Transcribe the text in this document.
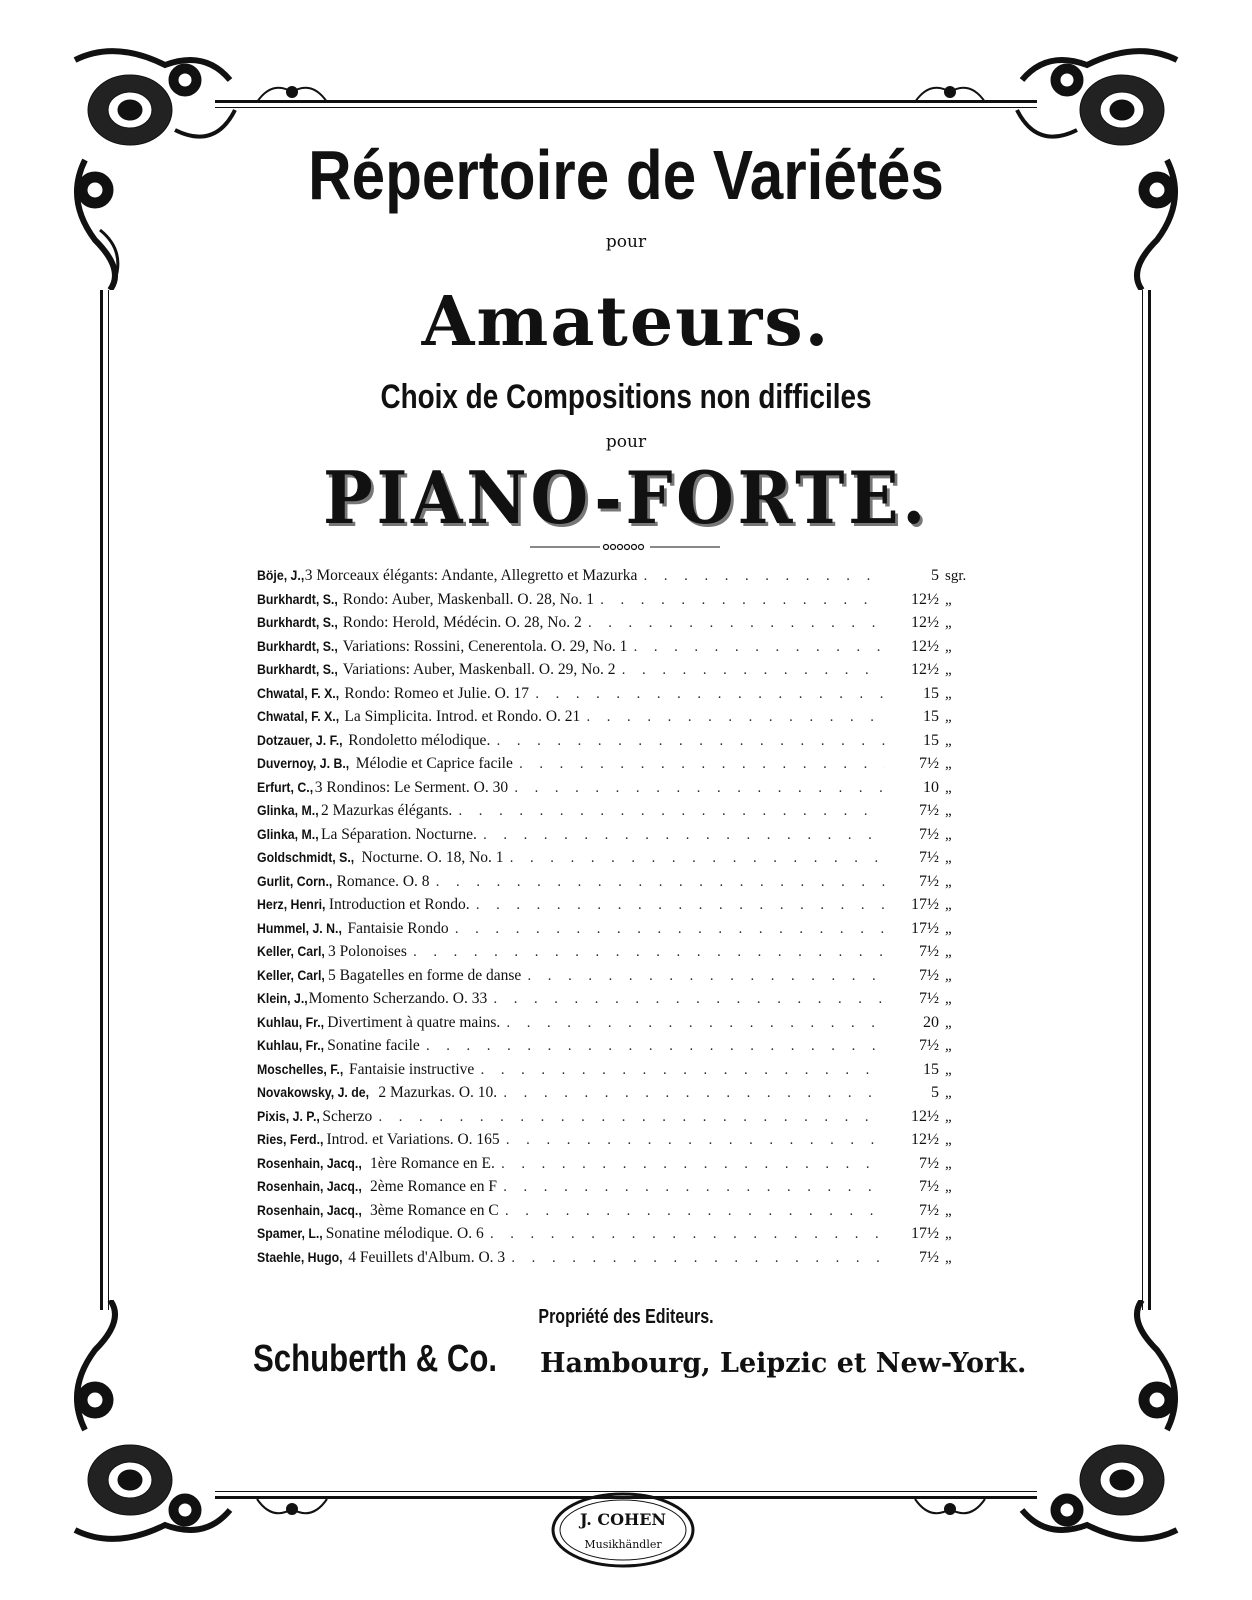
Répertoire de Variétés
pour
Amateurs.
Choix de Compositions non difficiles
pour
PIANO-FORTE.
Böje, J., 3 Morceaux élégants: Andante, Allegretto et Mazurka . . .	5 sgr.
Burkhardt, S., Rondo: Auber, Maskenball. O. 28, No. 1 . . .	12½ „
Burkhardt, S., Rondo: Herold, Médécin. O. 28, No. 2 . . .	12½ „
Burkhardt, S., Variations: Rossini, Cenerentola. O. 29, No. 1 . . .	12½ „
Burkhardt, S., Variations: Auber, Maskenball. O. 29, No. 2 . . .	12½ „
Chwatal, F. X., Rondo: Romeo et Julie. O. 17 . . .	15 „
Chwatal, F. X., La Simplicita. Introd. et Rondo. O. 21 . . .	15 „
Dotzauer, J. F., Rondoletto mélodique. . . .	15 „
Duvernoy, J. B., Mélodie et Caprice facile . . .	7½ „
Erfurt, C., 3 Rondinos: Le Serment. O. 30 . . .	10 „
Glinka, M., 2 Mazurkas élégants. . . .	7½ „
Glinka, M., La Séparation. Nocturne. . . .	7½ „
Goldschmidt, S., Nocturne. O. 18, No. 1 . . .	7½ „
Gurlit, Corn., Romance. O. 8 . . .	7½ „
Herz, Henri, Introduction et Rondo. . . .	17½ „
Hummel, J. N., Fantaisie Rondo . . .	17½ „
Keller, Carl, 3 Polonoises . . .	7½ „
Keller, Carl, 5 Bagatelles en forme de danse . . .	7½ „
Klein, J., Momento Scherzando. O. 33 . . .	7½ „
Kuhlau, Fr., Divertiment à quatre mains. . . .	20 „
Kuhlau, Fr., Sonatine facile . . .	7½ „
Moschelles, F., Fantaisie instructive . . .	15 „
Novakowsky, J. de, 2 Mazurkas. O. 10. . . .	5 „
Pixis, J. P., Scherzo . . .	12½ „
Ries, Ferd., Introd. et Variations. O. 165 . . .	12½ „
Rosenhain, Jacq., 1ère Romance en E. . . .	7½ „
Rosenhain, Jacq., 2ème Romance en F . . .	7½ „
Rosenhain, Jacq., 3ème Romance en C . . .	7½ „
Spamer, L., Sonatine mélodique. O. 6 . . .	17½ „
Staehle, Hugo, 4 Feuillets d'Album. O. 3 . . .	7½ „
Propriété des Editeurs.
Schuberth & Co. Hambourg, Leipzic et New-York.
J. COHEN
Musikhändler
